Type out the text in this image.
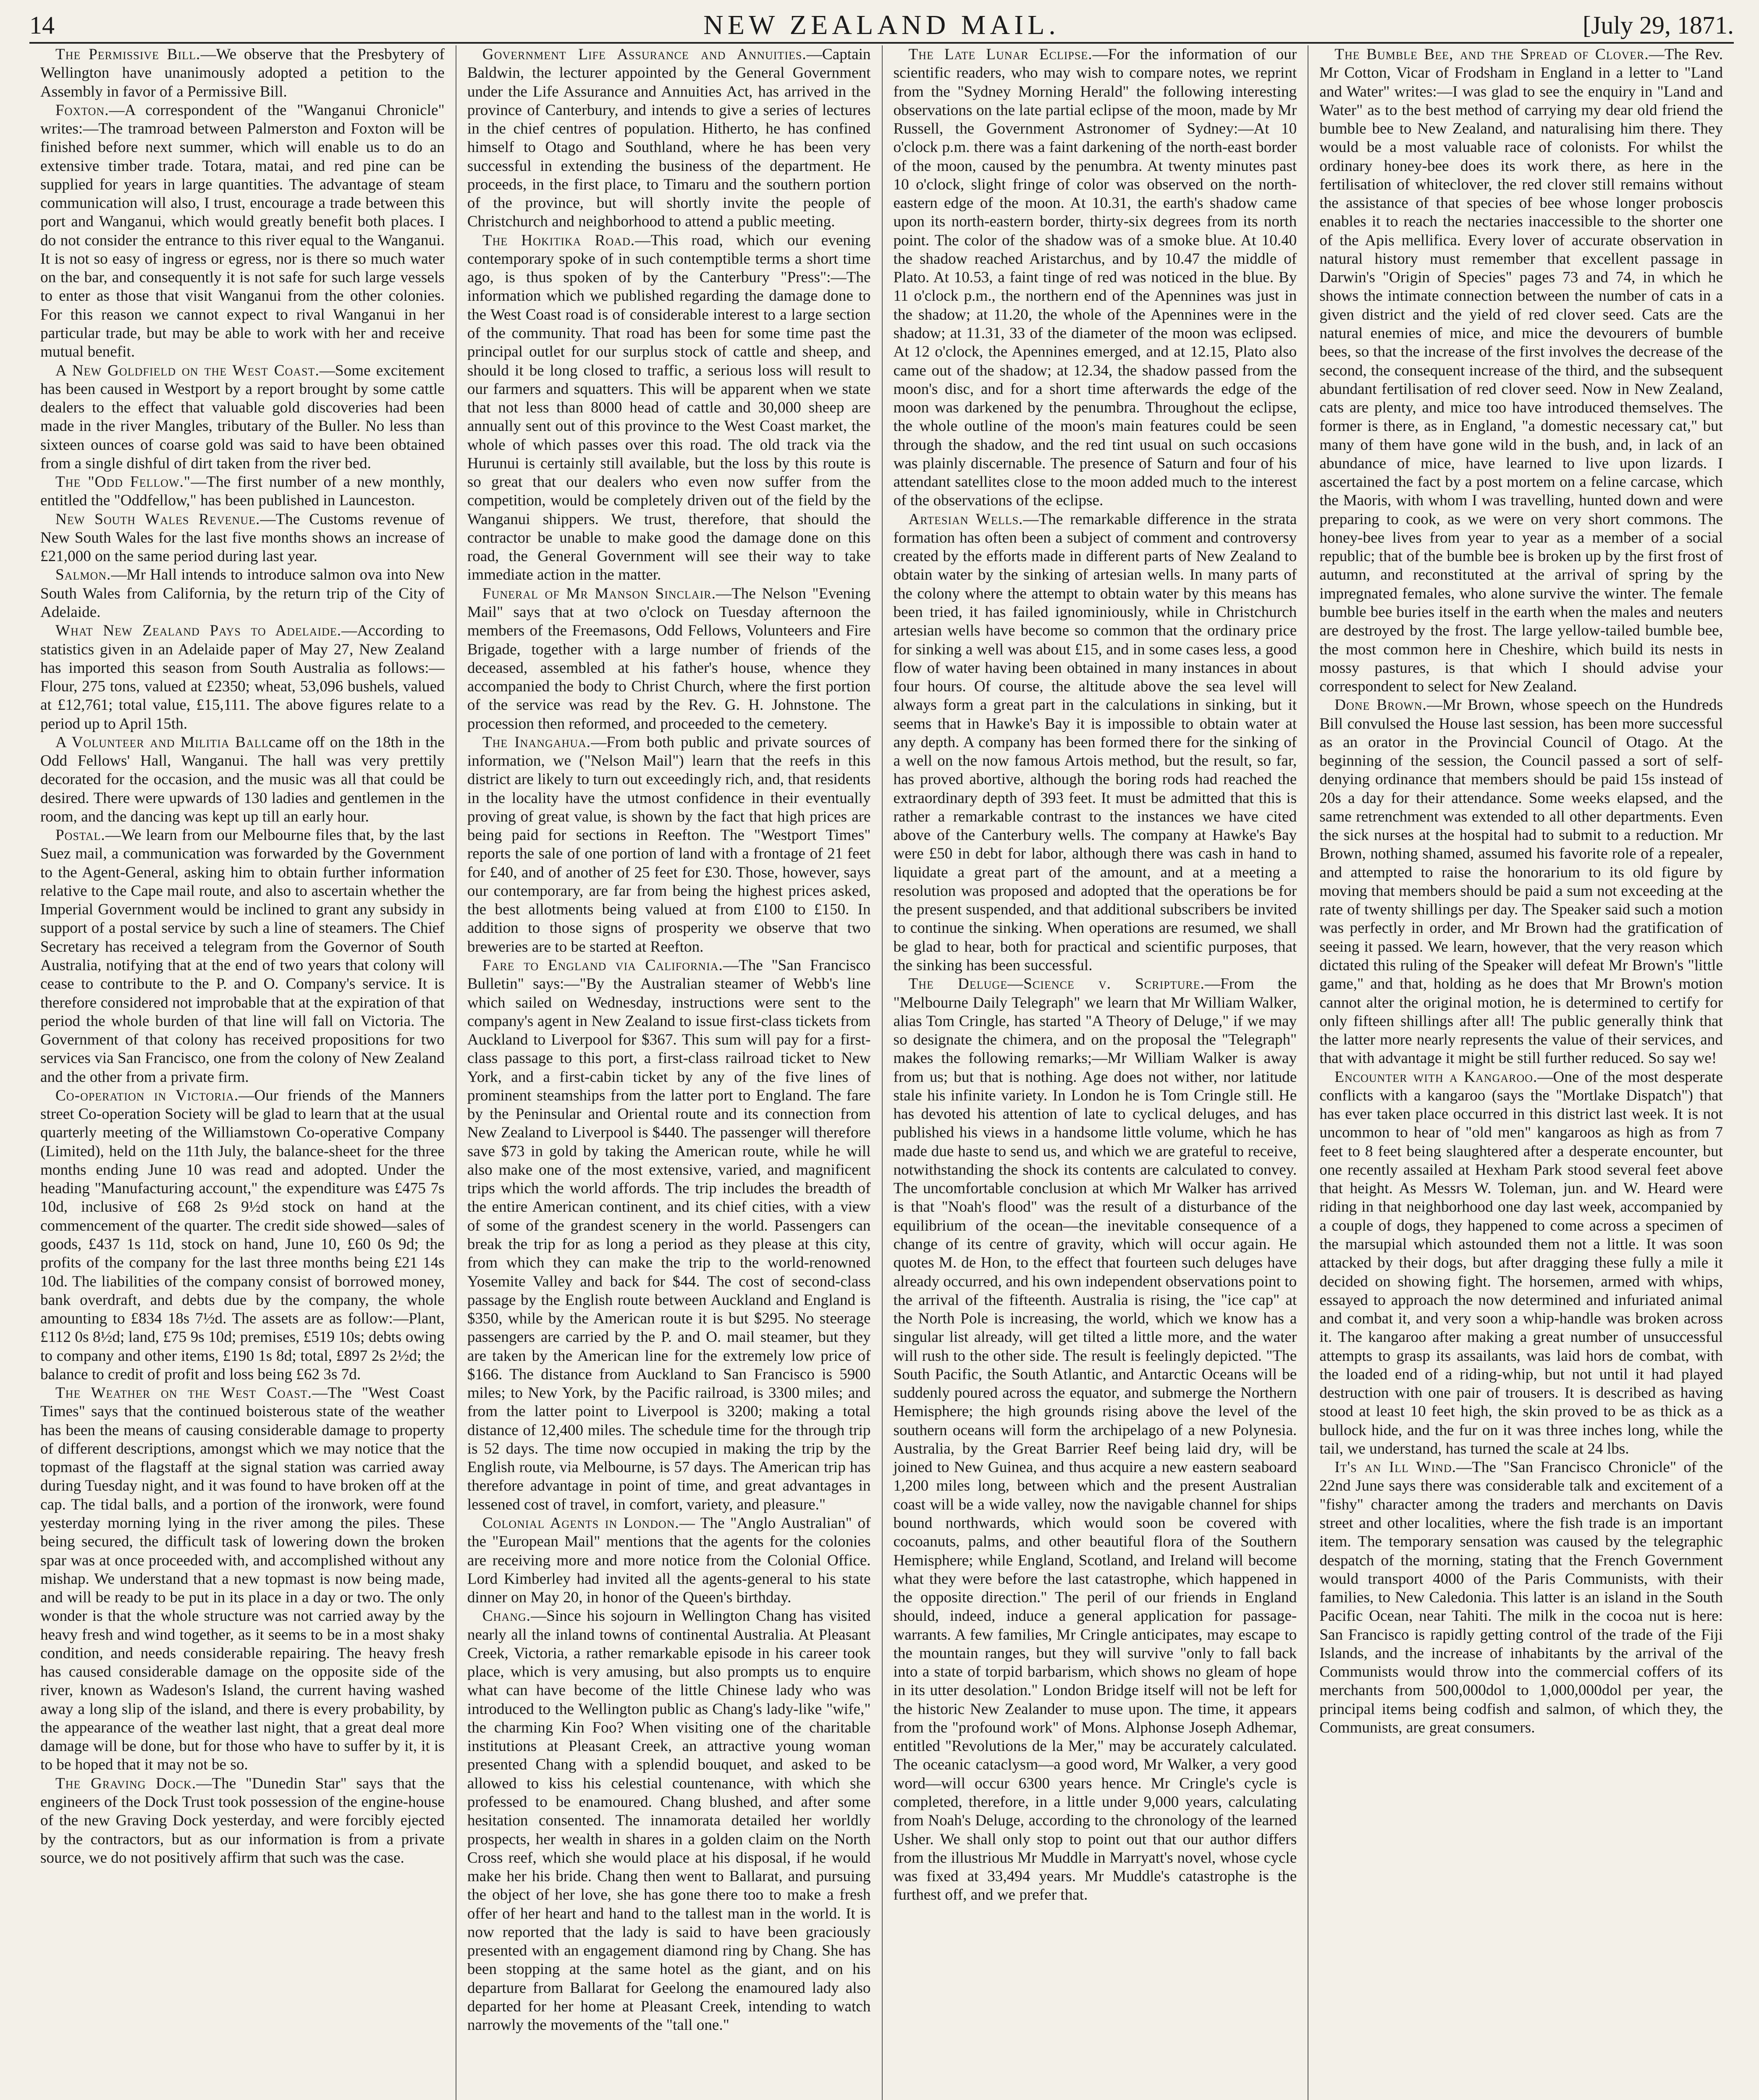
14	NEW ZEALAND MAIL.	[July 29, 1871.

The Permissive Bill.—We observe that the Presbytery of Wellington have unanimously adopted a petition to the Assembly in favor of a Permissive Bill.

Foxton.—A correspondent of the "Wanganui Chronicle" writes:—The tramroad between Palmerston and Foxton will be finished before next summer, which will enable us to do an extensive timber trade. Totara, matai, and red pine can be supplied for years in large quantities. The advantage of steam communication will also, I trust, encourage a trade between this port and Wanganui, which would greatly benefit both places. I do not consider the entrance to this river equal to the Wanganui. It is not so easy of ingress or egress, nor is there so much water on the bar, and consequently it is not safe for such large vessels to enter as those that visit Wanganui from the other colonies. For this reason we cannot expect to rival Wanganui in her particular trade, but may be able to work with her and receive mutual benefit.

A New Goldfield on the West Coast.—Some excitement has been caused in Westport by a report brought by some cattle dealers to the effect that valuable gold discoveries had been made in the river Mangles, tributary of the Buller. No less than sixteen ounces of coarse gold was said to have been obtained from a single dishful of dirt taken from the river bed.

The "Odd Fellow."—The first number of a new monthly, entitled the "Oddfellow," has been published in Launceston.

New South Wales Revenue.—The Customs revenue of New South Wales for the last five months shows an increase of £21,000 on the same period during last year.

Salmon.—Mr Hall intends to introduce salmon ova into New South Wales from California, by the return trip of the City of Adelaide.

What New Zealand Pays to Adelaide.—According to statistics given in an Adelaide paper of May 27, New Zealand has imported this season from South Australia as follows:—Flour, 275 tons, valued at £2350; wheat, 53,096 bushels, valued at £12,761; total value, £15,111. The above figures relate to a period up to April 15th.

A Volunteer and Militia Ballcame off on the 18th in the Odd Fellows' Hall, Wanganui. The hall was very prettily decorated for the occasion, and the music was all that could be desired. There were upwards of 130 ladies and gentlemen in the room, and the dancing was kept up till an early hour.

Postal.—We learn from our Melbourne files that, by the last Suez mail, a communication was forwarded by the Government to the Agent-General, asking him to obtain further information relative to the Cape mail route, and also to ascertain whether the Imperial Government would be inclined to grant any subsidy in support of a postal service by such a line of steamers. The Chief Secretary has received a telegram from the Governor of South Australia, notifying that at the end of two years that colony will cease to contribute to the P. and O. Company's service. It is therefore considered not improbable that at the expiration of that period the whole burden of that line will fall on Victoria. The Government of that colony has received propositions for two services via San Francisco, one from the colony of New Zealand and the other from a private firm.

Co-operation in Victoria.—Our friends of the Manners street Co-operation Society will be glad to learn that at the usual quarterly meeting of the Williamstown Co-operative Company (Limited), held on the 11th July, the balance-sheet for the three months ending June 10 was read and adopted. Under the heading "Manufacturing account," the expenditure was £475 7s 10d, inclusive of £68 2s 9½d stock on hand at the commencement of the quarter. The credit side showed—sales of goods, £437 1s 11d, stock on hand, June 10, £60 0s 9d; the profits of the company for the last three months being £21 14s 10d. The liabilities of the company consist of borrowed money, bank overdraft, and debts due by the company, the whole amounting to £834 18s 7½d. The assets are as follow:—Plant, £112 0s 8½d; land, £75 9s 10d; premises, £519 10s; debts owing to company and other items, £190 1s 8d; total, £897 2s 2½d; the balance to credit of profit and loss being £62 3s 7d.

The Weather on the West Coast.—The "West Coast Times" says that the continued boisterous state of the weather has been the means of causing considerable damage to property of different descriptions, amongst which we may notice that the topmast of the flagstaff at the signal station was carried away during Tuesday night, and it was found to have broken off at the cap. The tidal balls, and a portion of the ironwork, were found yesterday morning lying in the river among the piles. These being secured, the difficult task of lowering down the broken spar was at once proceeded with, and accomplished without any mishap. We understand that a new topmast is now being made, and will be ready to be put in its place in a day or two. The only wonder is that the whole structure was not carried away by the heavy fresh and wind together, as it seems to be in a most shaky condition, and needs considerable repairing. The heavy fresh has caused considerable damage on the opposite side of the river, known as Wadeson's Island, the current having washed away a long slip of the island, and there is every probability, by the appearance of the weather last night, that a great deal more damage will be done, but for those who have to suffer by it, it is to be hoped that it may not be so.

The Graving Dock.—The "Dunedin Star" says that the engineers of the Dock Trust took possession of the engine-house of the new Graving Dock yesterday, and were forcibly ejected by the contractors, but as our information is from a private source, we do not positively affirm that such was the case.

Government Life Assurance and Annuities.—Captain Baldwin, the lecturer appointed by the General Government under the Life Assurance and Annuities Act, has arrived in the province of Canterbury, and intends to give a series of lectures in the chief centres of population. Hitherto, he has confined himself to Otago and Southland, where he has been very successful in extending the business of the department. He proceeds, in the first place, to Timaru and the southern portion of the province, but will shortly invite the people of Christchurch and neighborhood to attend a public meeting.

The Hokitika Road.—This road, which our evening contemporary spoke of in such contemptible terms a short time ago, is thus spoken of by the Canterbury "Press":—The information which we published regarding the damage done to the West Coast road is of considerable interest to a large section of the community. That road has been for some time past the principal outlet for our surplus stock of cattle and sheep, and should it be long closed to traffic, a serious loss will result to our farmers and squatters. This will be apparent when we state that not less than 8000 head of cattle and 30,000 sheep are annually sent out of this province to the West Coast market, the whole of which passes over this road. The old track via the Hurunui is certainly still available, but the loss by this route is so great that our dealers who even now suffer from the competition, would be completely driven out of the field by the Wanganui shippers. We trust, therefore, that should the contractor be unable to make good the damage done on this road, the General Government will see their way to take immediate action in the matter.

Funeral of Mr Manson Sinclair.—The Nelson "Evening Mail" says that at two o'clock on Tuesday afternoon the members of the Freemasons, Odd Fellows, Volunteers and Fire Brigade, together with a large number of friends of the deceased, assembled at his father's house, whence they accompanied the body to Christ Church, where the first portion of the service was read by the Rev. G. H. Johnstone. The procession then reformed, and proceeded to the cemetery.

The Inangahua.—From both public and private sources of information, we ("Nelson Mail") learn that the reefs in this district are likely to turn out exceedingly rich, and, that residents in the locality have the utmost confidence in their eventually proving of great value, is shown by the fact that high prices are being paid for sections in Reefton. The "Westport Times" reports the sale of one portion of land with a frontage of 21 feet for £40, and of another of 25 feet for £30. Those, however, says our contemporary, are far from being the highest prices asked, the best allotments being valued at from £100 to £150. In addition to those signs of prosperity we observe that two breweries are to be started at Reefton.

Fare to England via California.—The "San Francisco Bulletin" says:—"By the Australian steamer of Webb's line which sailed on Wednesday, instructions were sent to the company's agent in New Zealand to issue first-class tickets from Auckland to Liverpool for $367. This sum will pay for a first-class passage to this port, a first-class railroad ticket to New York, and a first-cabin ticket by any of the five lines of prominent steamships from the latter port to England. The fare by the Peninsular and Oriental route and its connection from New Zealand to Liverpool is $440. The passenger will therefore save $73 in gold by taking the American route, while he will also make one of the most extensive, varied, and magnificent trips which the world affords. The trip includes the breadth of the entire American continent, and its chief cities, with a view of some of the grandest scenery in the world. Passengers can break the trip for as long a period as they please at this city, from which they can make the trip to the world-renowned Yosemite Valley and back for $44. The cost of second-class passage by the English route between Auckland and England is $350, while by the American route it is but $295. No steerage passengers are carried by the P. and O. mail steamer, but they are taken by the American line for the extremely low price of $166. The distance from Auckland to San Francisco is 5900 miles; to New York, by the Pacific railroad, is 3300 miles; and from the latter point to Liverpool is 3200; making a total distance of 12,400 miles. The schedule time for the through trip is 52 days. The time now occupied in making the trip by the English route, via Melbourne, is 57 days. The American trip has therefore advantage in point of time, and great advantages in lessened cost of travel, in comfort, variety, and pleasure."

Colonial Agents in London.— The "Anglo Australian" of the "European Mail" mentions that the agents for the colonies are receiving more and more notice from the Colonial Office. Lord Kimberley had invited all the agents-general to his state dinner on May 20, in honor of the Queen's birthday.

Chang.—Since his sojourn in Wellington Chang has visited nearly all the inland towns of continental Australia. At Pleasant Creek, Victoria, a rather remarkable episode in his career took place, which is very amusing, but also prompts us to enquire what can have become of the little Chinese lady who was introduced to the Wellington public as Chang's lady-like "wife," the charming Kin Foo? When visiting one of the charitable institutions at Pleasant Creek, an attractive young woman presented Chang with a splendid bouquet, and asked to be allowed to kiss his celestial countenance, with which she professed to be enamoured. Chang blushed, and after some hesitation consented. The innamorata detailed her worldly prospects, her wealth in shares in a golden claim on the North Cross reef, which she would place at his disposal, if he would make her his bride. Chang then went to Ballarat, and pursuing the object of her love, she has gone there too to make a fresh offer of her heart and hand to the tallest man in the world. It is now reported that the lady is said to have been graciously presented with an engagement diamond ring by Chang. She has been stopping at the same hotel as the giant, and on his departure from Ballarat for Geelong the enamoured lady also departed for her home at Pleasant Creek, intending to watch narrowly the movements of the "tall one."

The Late Lunar Eclipse.—For the information of our scientific readers, who may wish to compare notes, we reprint from the "Sydney Morning Herald" the following interesting observations on the late partial eclipse of the moon, made by Mr Russell, the Government Astronomer of Sydney:—At 10 o'clock p.m. there was a faint darkening of the north-east border of the moon, caused by the penumbra. At twenty minutes past 10 o'clock, slight fringe of color was observed on the north-eastern edge of the moon. At 10.31, the earth's shadow came upon its north-eastern border, thirty-six degrees from its north point. The color of the shadow was of a smoke blue. At 10.40 the shadow reached Aristarchus, and by 10.47 the middle of Plato. At 10.53, a faint tinge of red was noticed in the blue. By 11 o'clock p.m., the northern end of the Apennines was just in the shadow; at 11.20, the whole of the Apennines were in the shadow; at 11.31, 33 of the diameter of the moon was eclipsed. At 12 o'clock, the Apennines emerged, and at 12.15, Plato also came out of the shadow; at 12.34, the shadow passed from the moon's disc, and for a short time afterwards the edge of the moon was darkened by the penumbra. Throughout the eclipse, the whole outline of the moon's main features could be seen through the shadow, and the red tint usual on such occasions was plainly discernable. The presence of Saturn and four of his attendant satellites close to the moon added much to the interest of the observations of the eclipse.

Artesian Wells.—The remarkable difference in the strata formation has often been a subject of comment and controversy created by the efforts made in different parts of New Zealand to obtain water by the sinking of artesian wells. In many parts of the colony where the attempt to obtain water by this means has been tried, it has failed ignominiously, while in Christchurch artesian wells have become so common that the ordinary price for sinking a well was about £15, and in some cases less, a good flow of water having been obtained in many instances in about four hours. Of course, the altitude above the sea level will always form a great part in the calculations in sinking, but it seems that in Hawke's Bay it is impossible to obtain water at any depth. A company has been formed there for the sinking of a well on the now famous Artois method, but the result, so far, has proved abortive, although the boring rods had reached the extraordinary depth of 393 feet. It must be admitted that this is rather a remarkable contrast to the instances we have cited above of the Canterbury wells. The company at Hawke's Bay were £50 in debt for labor, although there was cash in hand to liquidate a great part of the amount, and at a meeting a resolution was proposed and adopted that the operations be for the present suspended, and that additional subscribers be invited to continue the sinking. When operations are resumed, we shall be glad to hear, both for practical and scientific purposes, that the sinking has been successful.

The Deluge—Science v. Scripture.—From the "Melbourne Daily Telegraph" we learn that Mr William Walker, alias Tom Cringle, has started "A Theory of Deluge," if we may so designate the chimera, and on the proposal the "Telegraph" makes the following remarks;—Mr William Walker is away from us; but that is nothing. Age does not wither, nor latitude stale his infinite variety. In London he is Tom Cringle still. He has devoted his attention of late to cyclical deluges, and has published his views in a handsome little volume, which he has made due haste to send us, and which we are grateful to receive, notwithstanding the shock its contents are calculated to convey. The uncomfortable conclusion at which Mr Walker has arrived is that "Noah's flood" was the result of a disturbance of the equilibrium of the ocean—the inevitable consequence of a change of its centre of gravity, which will occur again. He quotes M. de Hon, to the effect that fourteen such deluges have already occurred, and his own independent observations point to the arrival of the fifteenth. Australia is rising, the "ice cap" at the North Pole is increasing, the world, which we know has a singular list already, will get tilted a little more, and the water will rush to the other side. The result is feelingly depicted. "The South Pacific, the South Atlantic, and Antarctic Oceans will be suddenly poured across the equator, and submerge the Northern Hemisphere; the high grounds rising above the level of the southern oceans will form the archipelago of a new Polynesia. Australia, by the Great Barrier Reef being laid dry, will be joined to New Guinea, and thus acquire a new eastern seaboard 1,200 miles long, between which and the present Australian coast will be a wide valley, now the navigable channel for ships bound northwards, which would soon be covered with cocoanuts, palms, and other beautiful flora of the Southern Hemisphere; while England, Scotland, and Ireland will become what they were before the last catastrophe, which happened in the opposite direction." The peril of our friends in England should, indeed, induce a general application for passage-warrants. A few families, Mr Cringle anticipates, may escape to the mountain ranges, but they will survive "only to fall back into a state of torpid barbarism, which shows no gleam of hope in its utter desolation." London Bridge itself will not be left for the historic New Zealander to muse upon. The time, it appears from the "profound work" of Mons. Alphonse Joseph Adhemar, entitled "Revolutions de la Mer," may be accurately calculated. The oceanic cataclysm—a good word, Mr Walker, a very good word—will occur 6300 years hence. Mr Cringle's cycle is completed, therefore, in a little under 9,000 years, calculating from Noah's Deluge, according to the chronology of the learned Usher. We shall only stop to point out that our author differs from the illustrious Mr Muddle in Marryatt's novel, whose cycle was fixed at 33,494 years. Mr Muddle's catastrophe is the furthest off, and we prefer that.

The Bumble Bee, and the Spread of Clover.—The Rev. Mr Cotton, Vicar of Frodsham in England in a letter to "Land and Water" writes:—I was glad to see the enquiry in "Land and Water" as to the best method of carrying my dear old friend the bumble bee to New Zealand, and naturalising him there. They would be a most valuable race of colonists. For whilst the ordinary honey-bee does its work there, as here in the fertilisation of whiteclover, the red clover still remains without the assistance of that species of bee whose longer proboscis enables it to reach the nectaries inaccessible to the shorter one of the Apis mellifica. Every lover of accurate observation in natural history must remember that excellent passage in Darwin's "Origin of Species" pages 73 and 74, in which he shows the intimate connection between the number of cats in a given district and the yield of red clover seed. Cats are the natural enemies of mice, and mice the devourers of bumble bees, so that the increase of the first involves the decrease of the second, the consequent increase of the third, and the subsequent abundant fertilisation of red clover seed. Now in New Zealand, cats are plenty, and mice too have introduced themselves. The former is there, as in England, "a domestic necessary cat," but many of them have gone wild in the bush, and, in lack of an abundance of mice, have learned to live upon lizards. I ascertained the fact by a post mortem on a feline carcase, which the Maoris, with whom I was travelling, hunted down and were preparing to cook, as we were on very short commons. The honey-bee lives from year to year as a member of a social republic; that of the bumble bee is broken up by the first frost of autumn, and reconstituted at the arrival of spring by the impregnated females, who alone survive the winter. The female bumble bee buries itself in the earth when the males and neuters are destroyed by the frost. The large yellow-tailed bumble bee, the most common here in Cheshire, which build its nests in mossy pastures, is that which I should advise your correspondent to select for New Zealand.

Done Brown.—Mr Brown, whose speech on the Hundreds Bill convulsed the House last session, has been more successful as an orator in the Provincial Council of Otago. At the beginning of the session, the Council passed a sort of self-denying ordinance that members should be paid 15s instead of 20s a day for their attendance. Some weeks elapsed, and the same retrenchment was extended to all other departments. Even the sick nurses at the hospital had to submit to a reduction. Mr Brown, nothing shamed, assumed his favorite role of a repealer, and attempted to raise the honorarium to its old figure by moving that members should be paid a sum not exceeding at the rate of twenty shillings per day. The Speaker said such a motion was perfectly in order, and Mr Brown had the gratification of seeing it passed. We learn, however, that the very reason which dictated this ruling of the Speaker will defeat Mr Brown's "little game," and that, holding as he does that Mr Brown's motion cannot alter the original motion, he is determined to certify for only fifteen shillings after all! The public generally think that the latter more nearly represents the value of their services, and that with advantage it might be still further reduced. So say we!

Encounter with a Kangaroo.—One of the most desperate conflicts with a kangaroo (says the "Mortlake Dispatch") that has ever taken place occurred in this district last week. It is not uncommon to hear of "old men" kangaroos as high as from 7 feet to 8 feet being slaughtered after a desperate encounter, but one recently assailed at Hexham Park stood several feet above that height. As Messrs W. Toleman, jun. and W. Heard were riding in that neighborhood one day last week, accompanied by a couple of dogs, they happened to come across a specimen of the marsupial which astounded them not a little. It was soon attacked by their dogs, but after dragging these fully a mile it decided on showing fight. The horsemen, armed with whips, essayed to approach the now determined and infuriated animal and combat it, and very soon a whip-handle was broken across it. The kangaroo after making a great number of unsuccessful attempts to grasp its assailants, was laid hors de combat, with the loaded end of a riding-whip, but not until it had played destruction with one pair of trousers. It is described as having stood at least 10 feet high, the skin proved to be as thick as a bullock hide, and the fur on it was three inches long, while the tail, we understand, has turned the scale at 24 lbs.

It's an Ill Wind.—The "San Francisco Chronicle" of the 22nd June says there was considerable talk and excitement of a "fishy" character among the traders and merchants on Davis street and other localities, where the fish trade is an important item. The temporary sensation was caused by the telegraphic despatch of the morning, stating that the French Government would transport 4000 of the Paris Communists, with their families, to New Caledonia. This latter is an island in the South Pacific Ocean, near Tahiti. The milk in the cocoa nut is here: San Francisco is rapidly getting control of the trade of the Fiji Islands, and the increase of inhabitants by the arrival of the Communists would throw into the commercial coffers of its merchants from 500,000dol to 1,000,000dol per year, the principal items being codfish and salmon, of which they, the Communists, are great consumers.
